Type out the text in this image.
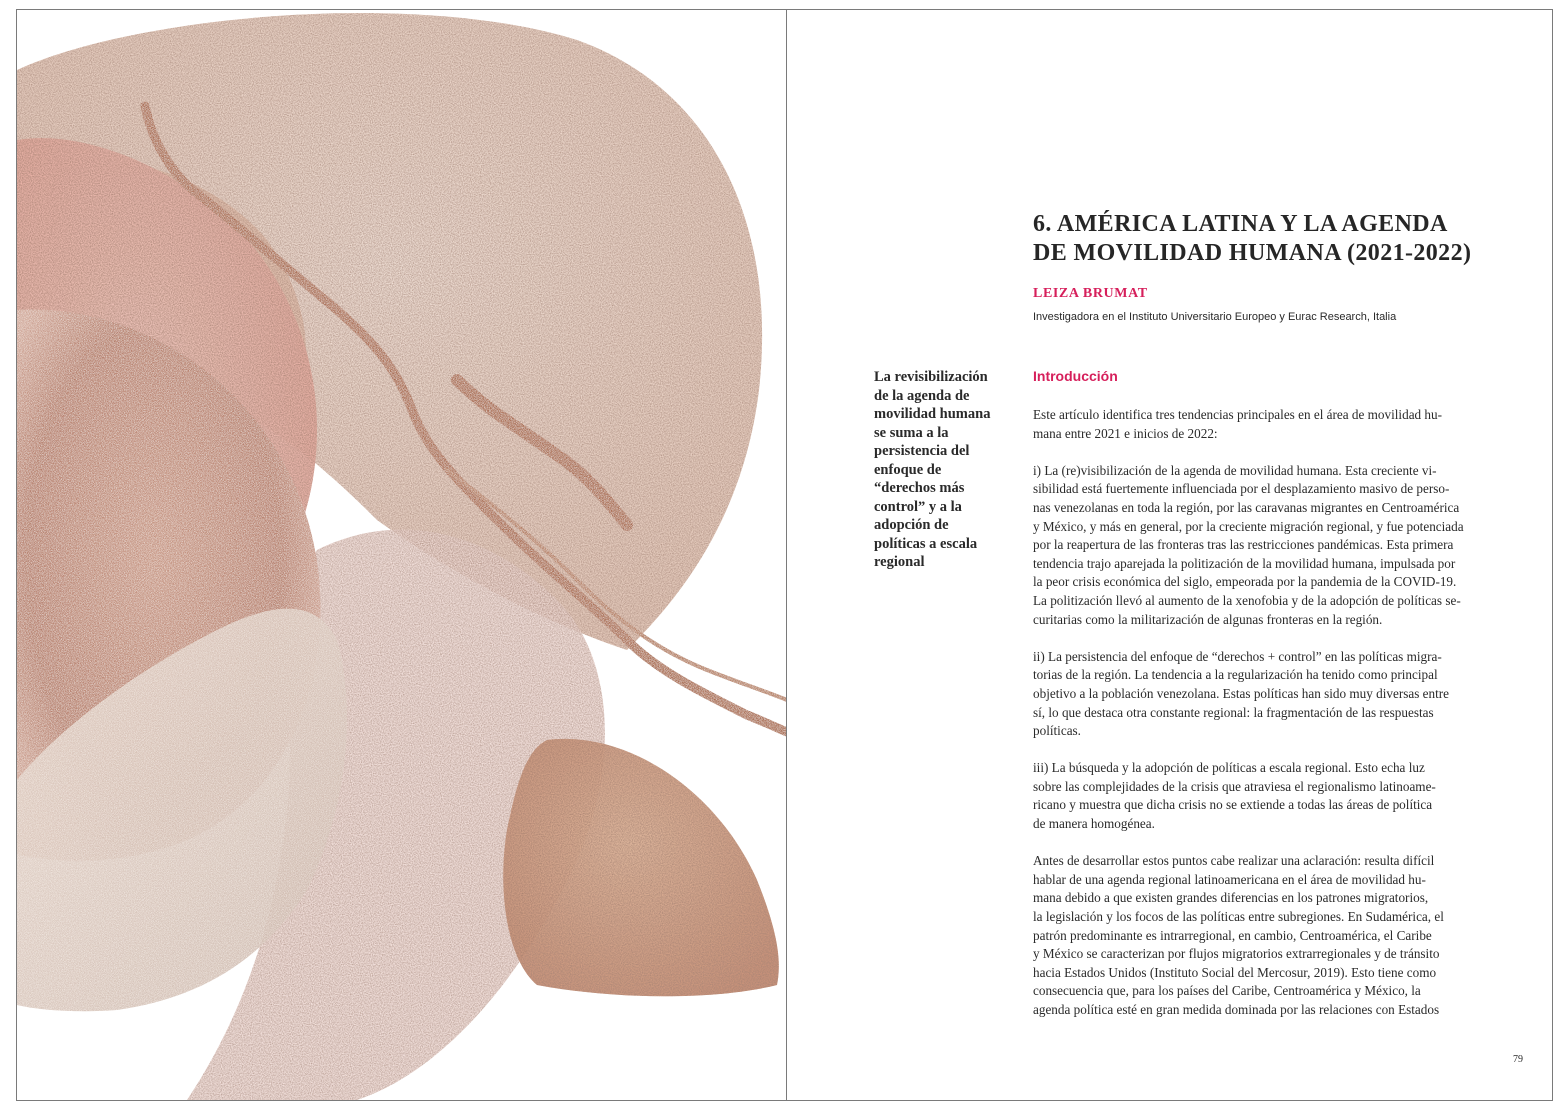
6. AMÉRICA LATINA Y LA AGENDA
DE MOVILIDAD HUMANA (2021-2022)

LEIZA BRUMAT

Investigadora en el Instituto Universitario Europeo y Eurac Research, Italia

La revisibilización
de la agenda de
movilidad humana
se suma a la
persistencia del
enfoque de
“derechos más
control” y a la
adopción de
políticas a escala
regional
Introducción

Este artículo identifica tres tendencias principales en el área de movilidad hu-
mana entre 2021 e inicios de 2022:

i) La (re)visibilización de la agenda de movilidad humana. Esta creciente vi-
sibilidad está fuertemente influenciada por el desplazamiento masivo de perso-
nas venezolanas en toda la región, por las caravanas migrantes en Centroamérica
y México, y más en general, por la creciente migración regional, y fue potenciada
por la reapertura de las fronteras tras las restricciones pandémicas. Esta primera
tendencia trajo aparejada la politización de la movilidad humana, impulsada por
la peor crisis económica del siglo, empeorada por la pandemia de la COVID-19.
La politización llevó al aumento de la xenofobia y de la adopción de políticas se-
curitarias como la militarización de algunas fronteras en la región.

ii) La persistencia del enfoque de “derechos + control” en las políticas migra-
torias de la región. La tendencia a la regularización ha tenido como principal
objetivo a la población venezolana. Estas políticas han sido muy diversas entre
sí, lo que destaca otra constante regional: la fragmentación de las respuestas
políticas.

iii) La búsqueda y la adopción de políticas a escala regional. Esto echa luz
sobre las complejidades de la crisis que atraviesa el regionalismo latinoame-
ricano y muestra que dicha crisis no se extiende a todas las áreas de política
de manera homogénea.

Antes de desarrollar estos puntos cabe realizar una aclaración: resulta difícil
hablar de una agenda regional latinoamericana en el área de movilidad hu-
mana debido a que existen grandes diferencias en los patrones migratorios,
la legislación y los focos de las políticas entre subregiones. En Sudamérica, el
patrón predominante es intrarregional, en cambio, Centroamérica, el Caribe
y México se caracterizan por flujos migratorios extrarregionales y de tránsito
hacia Estados Unidos (Instituto Social del Mercosur, 2019). Esto tiene como
consecuencia que, para los países del Caribe, Centroamérica y México, la
agenda política esté en gran medida dominada por las relaciones con Estados

79
